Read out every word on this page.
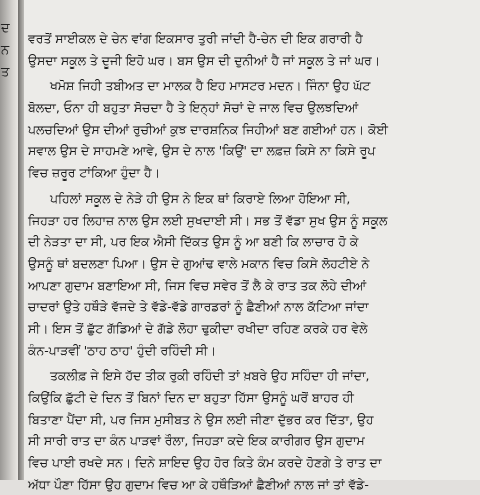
ਦ
ਨ
ਤ
ਵਰਤੋਂ ਸਾਈਕਲ ਦੇ ਚੇਨ ਵਾਂਗ ਇਕਸਾਰ ਤੁਰੀ ਜਾਂਦੀ ਹੈ-ਚੇਨ ਦੀ ਇਕ ਗਰਾਰੀ ਹੈ
ਉਸਦਾ ਸਕੂਲ ਤੇ ਦੂਜੀ ਇਹੋ ਘਰ। ਬਸ ਉਸ ਦੀ ਦੁਨੀਆਂ ਹੈ ਜਾਂ ਸਕੂਲ ਤੇ ਜਾਂ ਘਰ।
ਖਮੋਸ਼ ਜਿਹੀ ਤਬੀਅਤ ਦਾ ਮਾਲਕ ਹੈ ਇਹ ਮਾਸਟਰ ਮਦਨ। ਜਿੰਨਾ ਉਹ ਘੱਟ
ਬੋਲਦਾ, ਓਨਾ ਹੀ ਬਹੁਤਾ ਸੋਚਦਾ ਹੈ ਤੇ ਇਨ੍ਹਾਂ ਸੋਚਾਂ ਦੇ ਜਾਲ ਵਿਚ ਉਲਝਦਿਆਂ
ਪਲਚਦਿਆਂ ਉਸ ਦੀਆਂ ਰੁਚੀਆਂ ਕੁਝ ਦਾਰਸ਼ਨਿਕ ਜਿਹੀਆਂ ਬਣ ਗਈਆਂ ਹਨ। ਕੋਈ
ਸਵਾਲ ਉਸ ਦੇ ਸਾਹਮਣੇ ਆਵੇ, ਉਸ ਦੇ ਨਾਲ 'ਕਿਉਂ' ਦਾ ਲਫ਼ਜ਼ ਕਿਸੇ ਨਾ ਕਿਸੇ ਰੂਪ
ਵਿਚ ਜ਼ਰੂਰ ਟਾਂਕਿਆ ਹੁੰਦਾ ਹੈ।
ਪਹਿਲਾਂ ਸਕੂਲ ਦੇ ਨੇੜੇ ਹੀ ਉਸ ਨੇ ਇਕ ਥਾਂ ਕਿਰਾਏ ਲਿਆ ਹੋਇਆ ਸੀ,
ਜਿਹੜਾ ਹਰ ਲਿਹਾਜ਼ ਨਾਲ ਉਸ ਲਈ ਸੁਖਦਾਈ ਸੀ। ਸਭ ਤੋਂ ਵੱਡਾ ਸੁਖ ਉਸ ਨੂੰ ਸਕੂਲ
ਦੀ ਨੇੜਤਾ ਦਾ ਸੀ, ਪਰ ਇਕ ਐਸੀ ਦਿੱਕਤ ਉਸ ਨੂੰ ਆ ਬਣੀ ਕਿ ਲਾਚਾਰ ਹੋ ਕੇ
ਉਸਨੂੰ ਥਾਂ ਬਦਲਣਾ ਪਿਆ। ਉਸ ਦੇ ਗੁਆਂਢ ਵਾਲੇ ਮਕਾਨ ਵਿਚ ਕਿਸੇ ਲੋਹਟੀਏ ਨੇ
ਆਪਣਾ ਗੁਦਾਮ ਬਣਾਇਆ ਸੀ, ਜਿਸ ਵਿਚ ਸਵੇਰ ਤੋਂ ਲੈ ਕੇ ਰਾਤ ਤਕ ਲੋਹੇ ਦੀਆਂ
ਚਾਦਰਾਂ ਉਤੇ ਹਥੌੜੇ ਵੱਜਦੇ ਤੇ ਵੱਡੇ-ਵੱਡੇ ਗਾਰਡਰਾਂ ਨੂੰ ਛੈਣੀਆਂ ਨਾਲ ਕੱਟਿਆ ਜਾਂਦਾ
ਸੀ। ਇਸ ਤੋਂ ਛੁੱਟ ਗੱਡਿਆਂ ਦੇ ਗੱਡੇ ਲੋਹਾ ਢੁਕੀਦਾ ਰਖੀਦਾ ਰਹਿਣ ਕਰਕੇ ਹਰ ਵੇਲੇ
ਕੰਨ-ਪਾੜਵੀਂ 'ਠਾਹ ਠਾਹ' ਹੁੰਦੀ ਰਹਿੰਦੀ ਸੀ।
ਤਕਲੀਫ਼ ਜੇ ਇਸੇ ਹੱਦ ਤੀਕ ਰੁਕੀ ਰਹਿੰਦੀ ਤਾਂ ਖ਼ਬਰੇ ਉਹ ਸਹਿੰਦਾ ਹੀ ਜਾਂਦਾ,
ਕਿਉਂਕਿ ਛੁੱਟੀ ਦੇ ਦਿਨ ਤੋਂ ਬਿਨਾਂ ਦਿਨ ਦਾ ਬਹੁਤਾ ਹਿੱਸਾ ਉਸਨੂੰ ਘਰੋਂ ਬਾਹਰ ਹੀ
ਬਿਤਾਣਾ ਪੈਂਦਾ ਸੀ, ਪਰ ਜਿਸ ਮੁਸੀਬਤ ਨੇ ਉਸ ਲਈ ਜੀਣਾ ਦੁੱਭਰ ਕਰ ਦਿੱਤਾ, ਉਹ
ਸੀ ਸਾਰੀ ਰਾਤ ਦਾ ਕੰਨ ਪਾੜਵਾਂ ਰੌਲਾ, ਜਿਹੜਾ ਕਦੇ ਇਕ ਕਾਰੀਗਰ ਉਸ ਗੁਦਾਮ
ਵਿਚ ਪਾਈ ਰਖਦੇ ਸਨ। ਦਿਨੇ ਸ਼ਾਇਦ ਉਹ ਹੋਰ ਕਿਤੇ ਕੰਮ ਕਰਦੇ ਹੋਣਗੇ ਤੇ ਰਾਤ ਦਾ
ਅੱਧਾ ਪੌਣਾ ਹਿੱਸਾ ਉਹ ਗੁਦਾਮ ਵਿਚ ਆ ਕੇ ਹਥੌੜਿਆਂ ਛੈਣੀਆਂ ਨਾਲ ਜਾਂ ਤਾਂ ਵੱਡੇ-
